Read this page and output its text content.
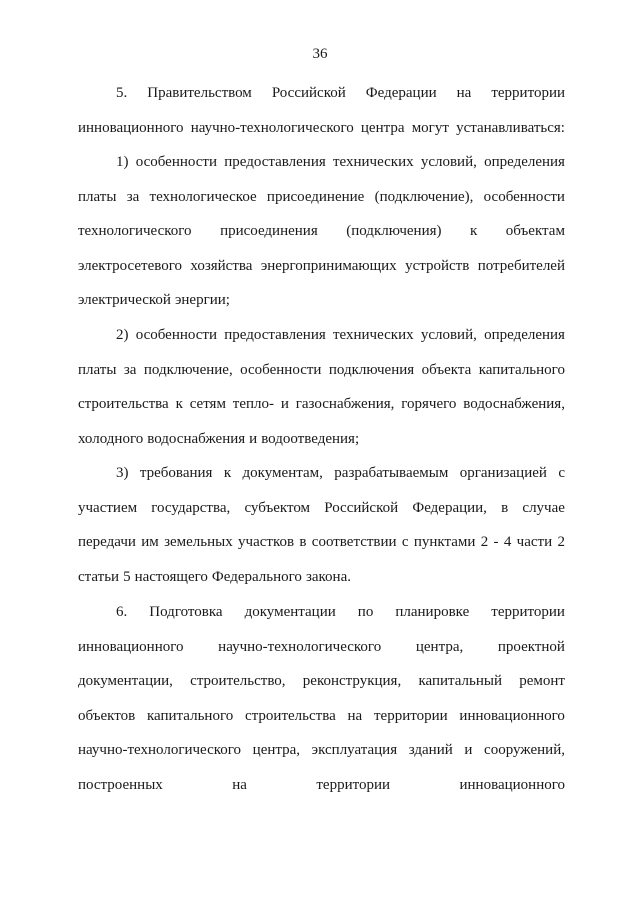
36
5. Правительством Российской Федерации на территории
инновационного научно-технологического центра могут устанавливаться:
1) особенности предоставления технических условий, определения
платы за технологическое присоединение (подключение), особенности
технологического присоединения (подключения) к объектам
электросетевого хозяйства энергопринимающих устройств потребителей
электрической энергии;
2) особенности предоставления технических условий, определения
платы за подключение, особенности подключения объекта капитального
строительства к сетям тепло- и газоснабжения, горячего водоснабжения,
холодного водоснабжения и водоотведения;
3) требования к документам, разрабатываемым организацией с
участием государства, субъектом Российской Федерации, в случае
передачи им земельных участков в соответствии с пунктами 2 - 4 части 2
статьи 5 настоящего Федерального закона.
6. Подготовка документации по планировке территории
инновационного научно-технологического центра, проектной
документации, строительство, реконструкция, капитальный ремонт
объектов капитального строительства на территории инновационного
научно-технологического центра, эксплуатация зданий и сооружений,
построенных	на	территории	инновационного
